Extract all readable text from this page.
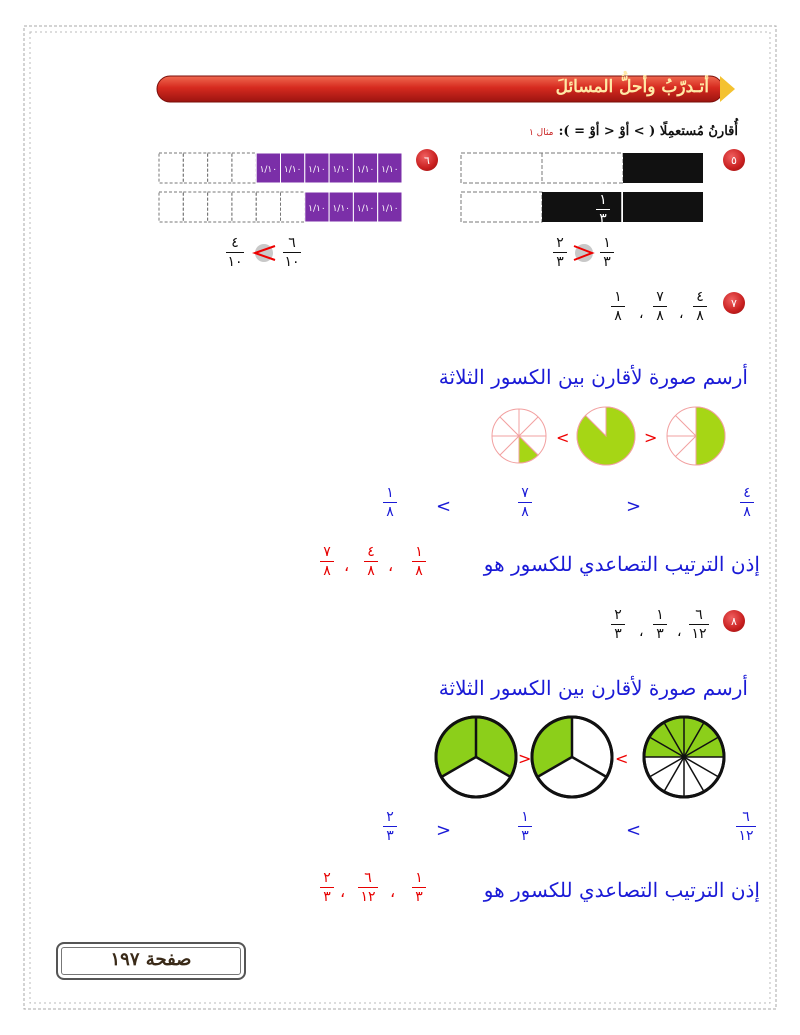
أتـدرّبُ وأحلُّ المسائلَ
أُقارنُ مُستعمِلًا ( > أوْ < أوْ = ): مثال ١
٥
١
٣
١
٣
١
٣
٢
٣
١
٣
٦
١/١٠ ١/١٠ ١/١٠ ١/١٠ ١/١٠ ١/١٠
١/١٠ ١/١٠ ١/١٠ ١/١٠
٤
١٠
٦
١٠
٧
٤
٨
،
٧
٨
،
١
٨
أرسم صورة لأقارن بين الكسور الثلاثة
<	>
٤
٨
>
٧
٨
<
١
٨
إذن الترتيب التصاعدي للكسور هو
١
٨
،
٤
٨
،
٧
٨
٨
٦
١٢
،
١
٣
،
٢
٣
أرسم صورة لأقارن بين الكسور الثلاثة
>	<
٦
١٢
<
١
٣
>
٢
٣
إذن الترتيب التصاعدي للكسور هو
١
٣
،
٦
١٢
،
٢
٣
صفحة ١٩٧
